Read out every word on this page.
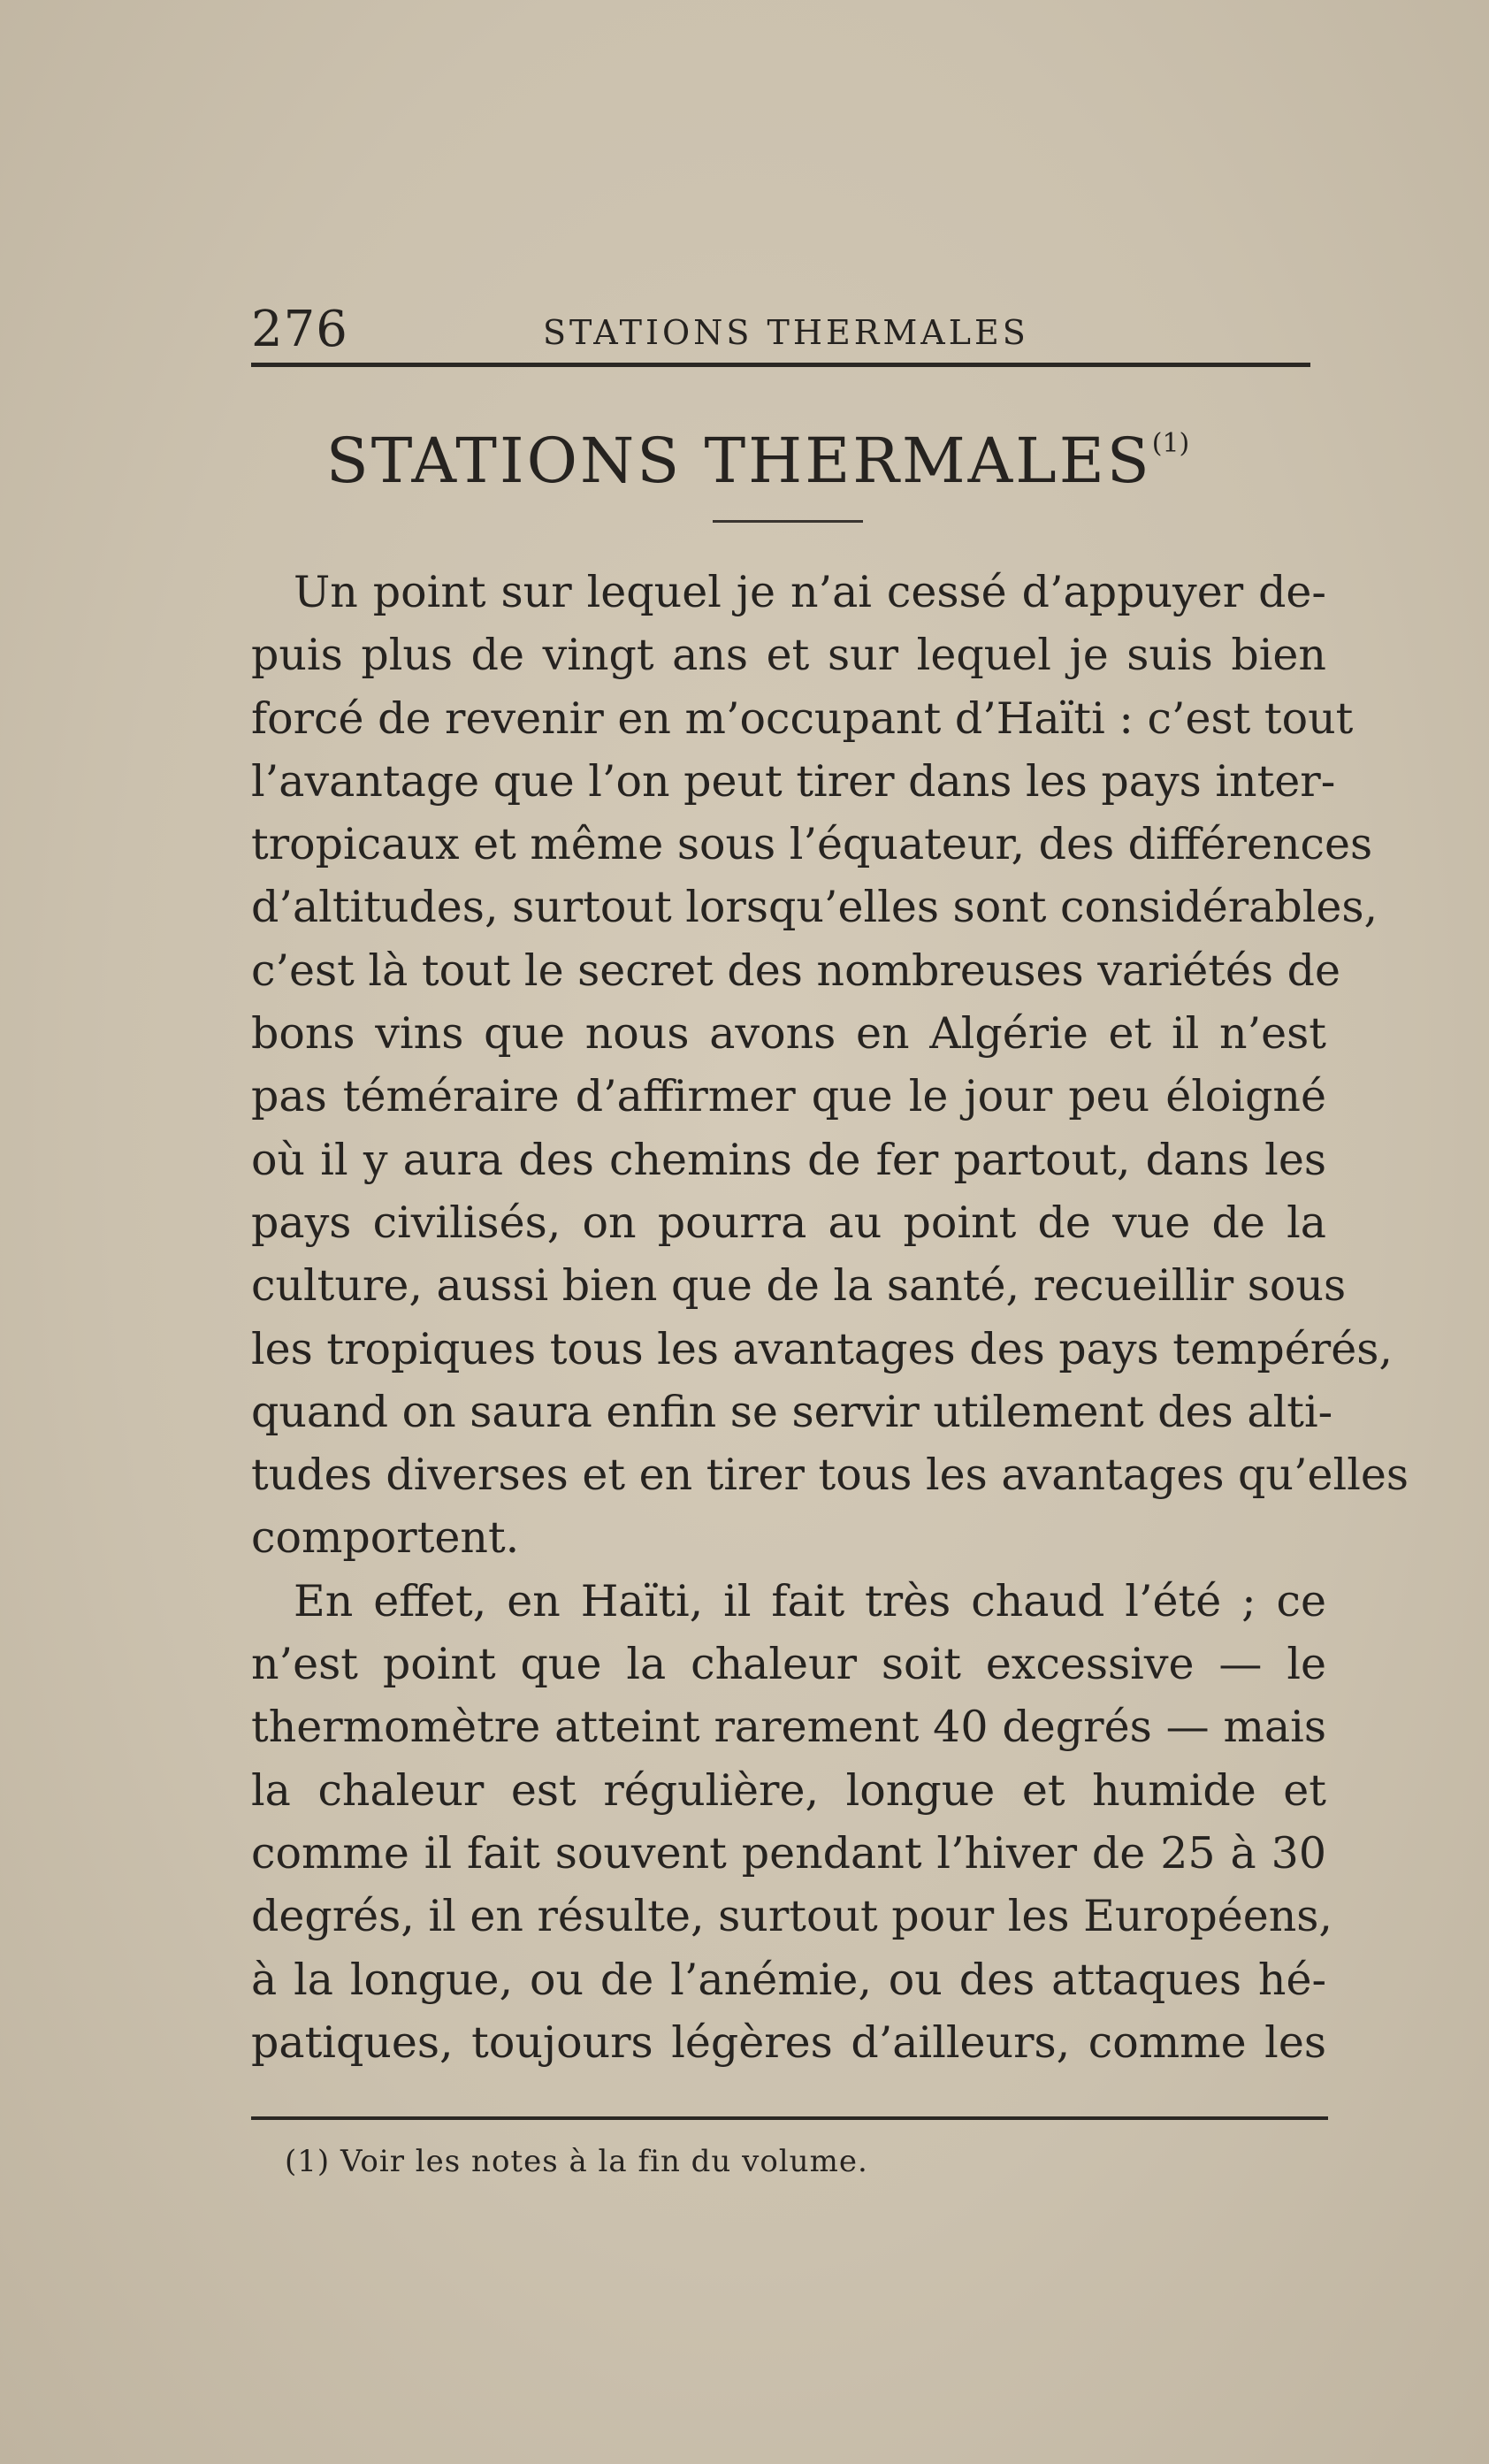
276	STATIONS THERMALES
STATIONS THERMALES$^{(1)}$
Un point sur lequel je n’ai cessé d’appuyer de-
puis plus de vingt ans et sur lequel je suis bien
forcé de revenir en m’occupant d’Haïti : c’est tout
l’avantage que l’on peut tirer dans les pays inter-
tropicaux et même sous l’équateur, des différences
d’altitudes, surtout lorsqu’elles sont considérables,
c’est là tout le secret des nombreuses variétés de
bons vins que nous avons en Algérie et il n’est
pas téméraire d’affirmer que le jour peu éloigné
où il y aura des chemins de fer partout, dans les
pays civilisés, on pourra au point de vue de la
culture, aussi bien que de la santé, recueillir sous
les tropiques tous les avantages des pays tempérés,
quand on saura enfin se servir utilement des alti-
tudes diverses et en tirer tous les avantages qu’elles
comportent.
En effet, en Haïti, il fait très chaud l’été ; ce
n’est point que la chaleur soit excessive — le
thermomètre atteint rarement 40 degrés — mais
la chaleur est régulière, longue et humide et
comme il fait souvent pendant l’hiver de 25 à 30
degrés, il en résulte, surtout pour les Européens,
à la longue, ou de l’anémie, ou des attaques hé-
patiques, toujours légères d’ailleurs, comme les
(1) Voir les notes à la fin du volume.
